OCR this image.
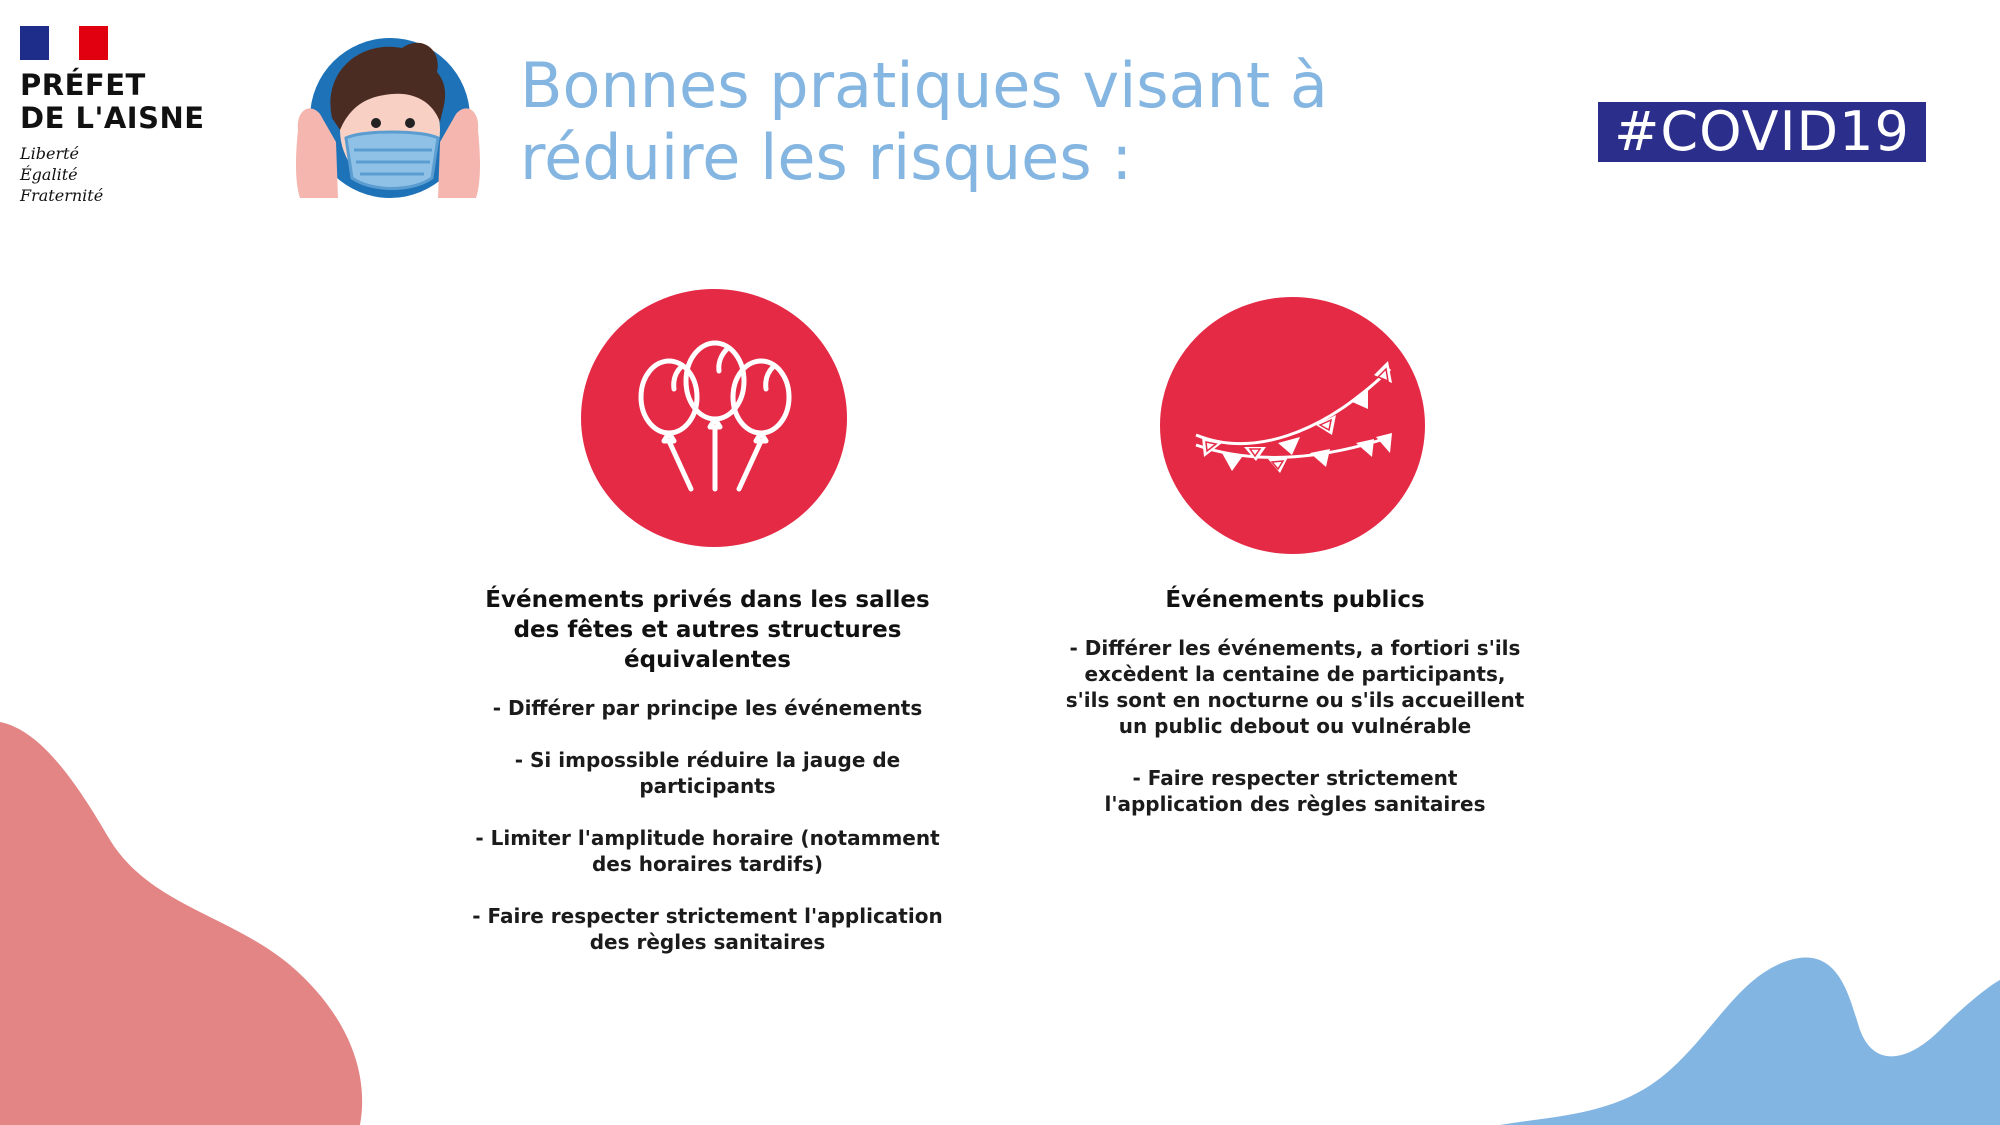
PRÉFET
DE L'AISNE
Liberté
Égalité
Fraternité
Bonnes pratiques visant à
réduire les risques :	#COVID19
Événements privés dans les salles des fêtes et autres structures équivalentes
- Différer par principe les événements
- Si impossible réduire la jauge de participants
- Limiter l'amplitude horaire (notamment des horaires tardifs)
- Faire respecter strictement l'application des règles sanitaires
Événements publics
- Différer les événements, a fortiori s'ils excèdent la centaine de participants, s'ils sont en nocturne ou s'ils accueillent un public debout ou vulnérable
- Faire respecter strictement l'application des règles sanitaires
